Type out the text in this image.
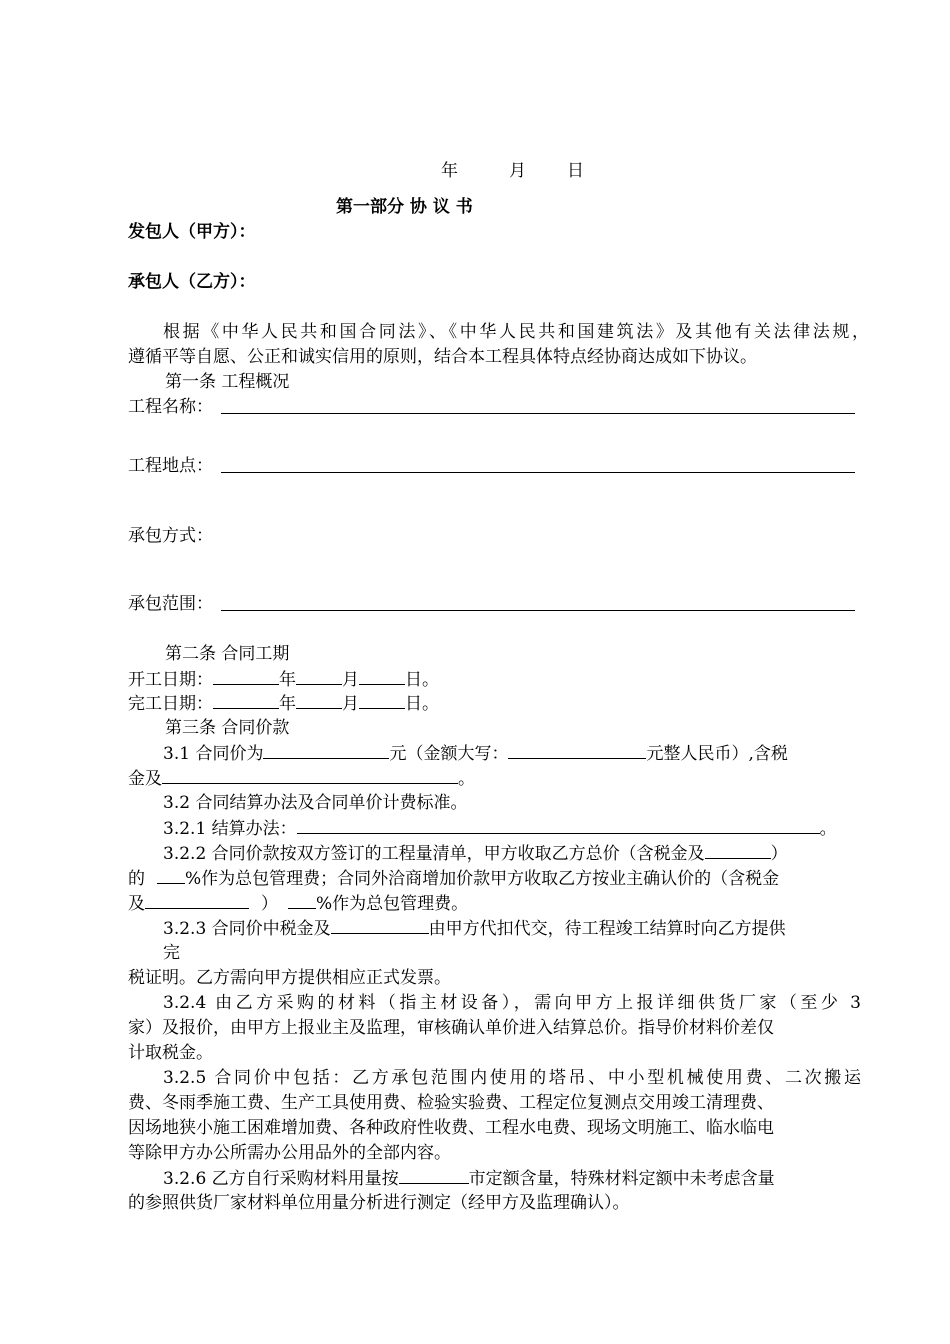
年	月 日
第一部分 协 议 书
发包人（甲方）：
承包人（乙方）：
根据《中华人民共和国合同法》、《中华人民共和国建筑法》及其他有关法律法规，
遵循平等自愿、公正和诚实信用的原则，结合本工程具体特点经协商达成如下协议。
第一条 工程概况
工程名称：
工程地点：
承包方式：
承包范围：
第二条 合同工期
开工日期：	年	月	日。
完工日期：	年	月	日。
第三条 合同价款
3.1 合同价为	元（金额大写：	元整人民币）,含税
金及	。
3.2 合同结算办法及合同单价计费标准。
3.2.1 结算办法：	。
3.2.2 合同价款按双方签订的工程量清单，甲方收取乙方总价（含税金及	）
的 %作为总包管理费；合同外洽商增加价款甲方收取乙方按业主确认价的（含税金
及	） %作为总包管理费。
3.2.3 合同价中税金及	由甲方代扣代交，待工程竣工结算时向乙方提供
完
税证明。乙方需向甲方提供相应正式发票。
3.2.4 由乙方采购的材料（指主材设备），需向甲方上报详细供货厂家（至少 3
家）及报价，由甲方上报业主及监理，审核确认单价进入结算总价。指导价材料价差仅
计取税金。
3.2.5 合同价中包括：乙方承包范围内使用的塔吊、中小型机械使用费、二次搬运
费、冬雨季施工费、生产工具使用费、检验实验费、工程定位复测点交用竣工清理费、
因场地狭小施工困难增加费、各种政府性收费、工程水电费、现场文明施工、临水临电
等除甲方办公所需办公用品外的全部内容。
3.2.6 乙方自行采购材料用量按	市定额含量，特殊材料定额中未考虑含量
的参照供货厂家材料单位用量分析进行测定（经甲方及监理确认）。
